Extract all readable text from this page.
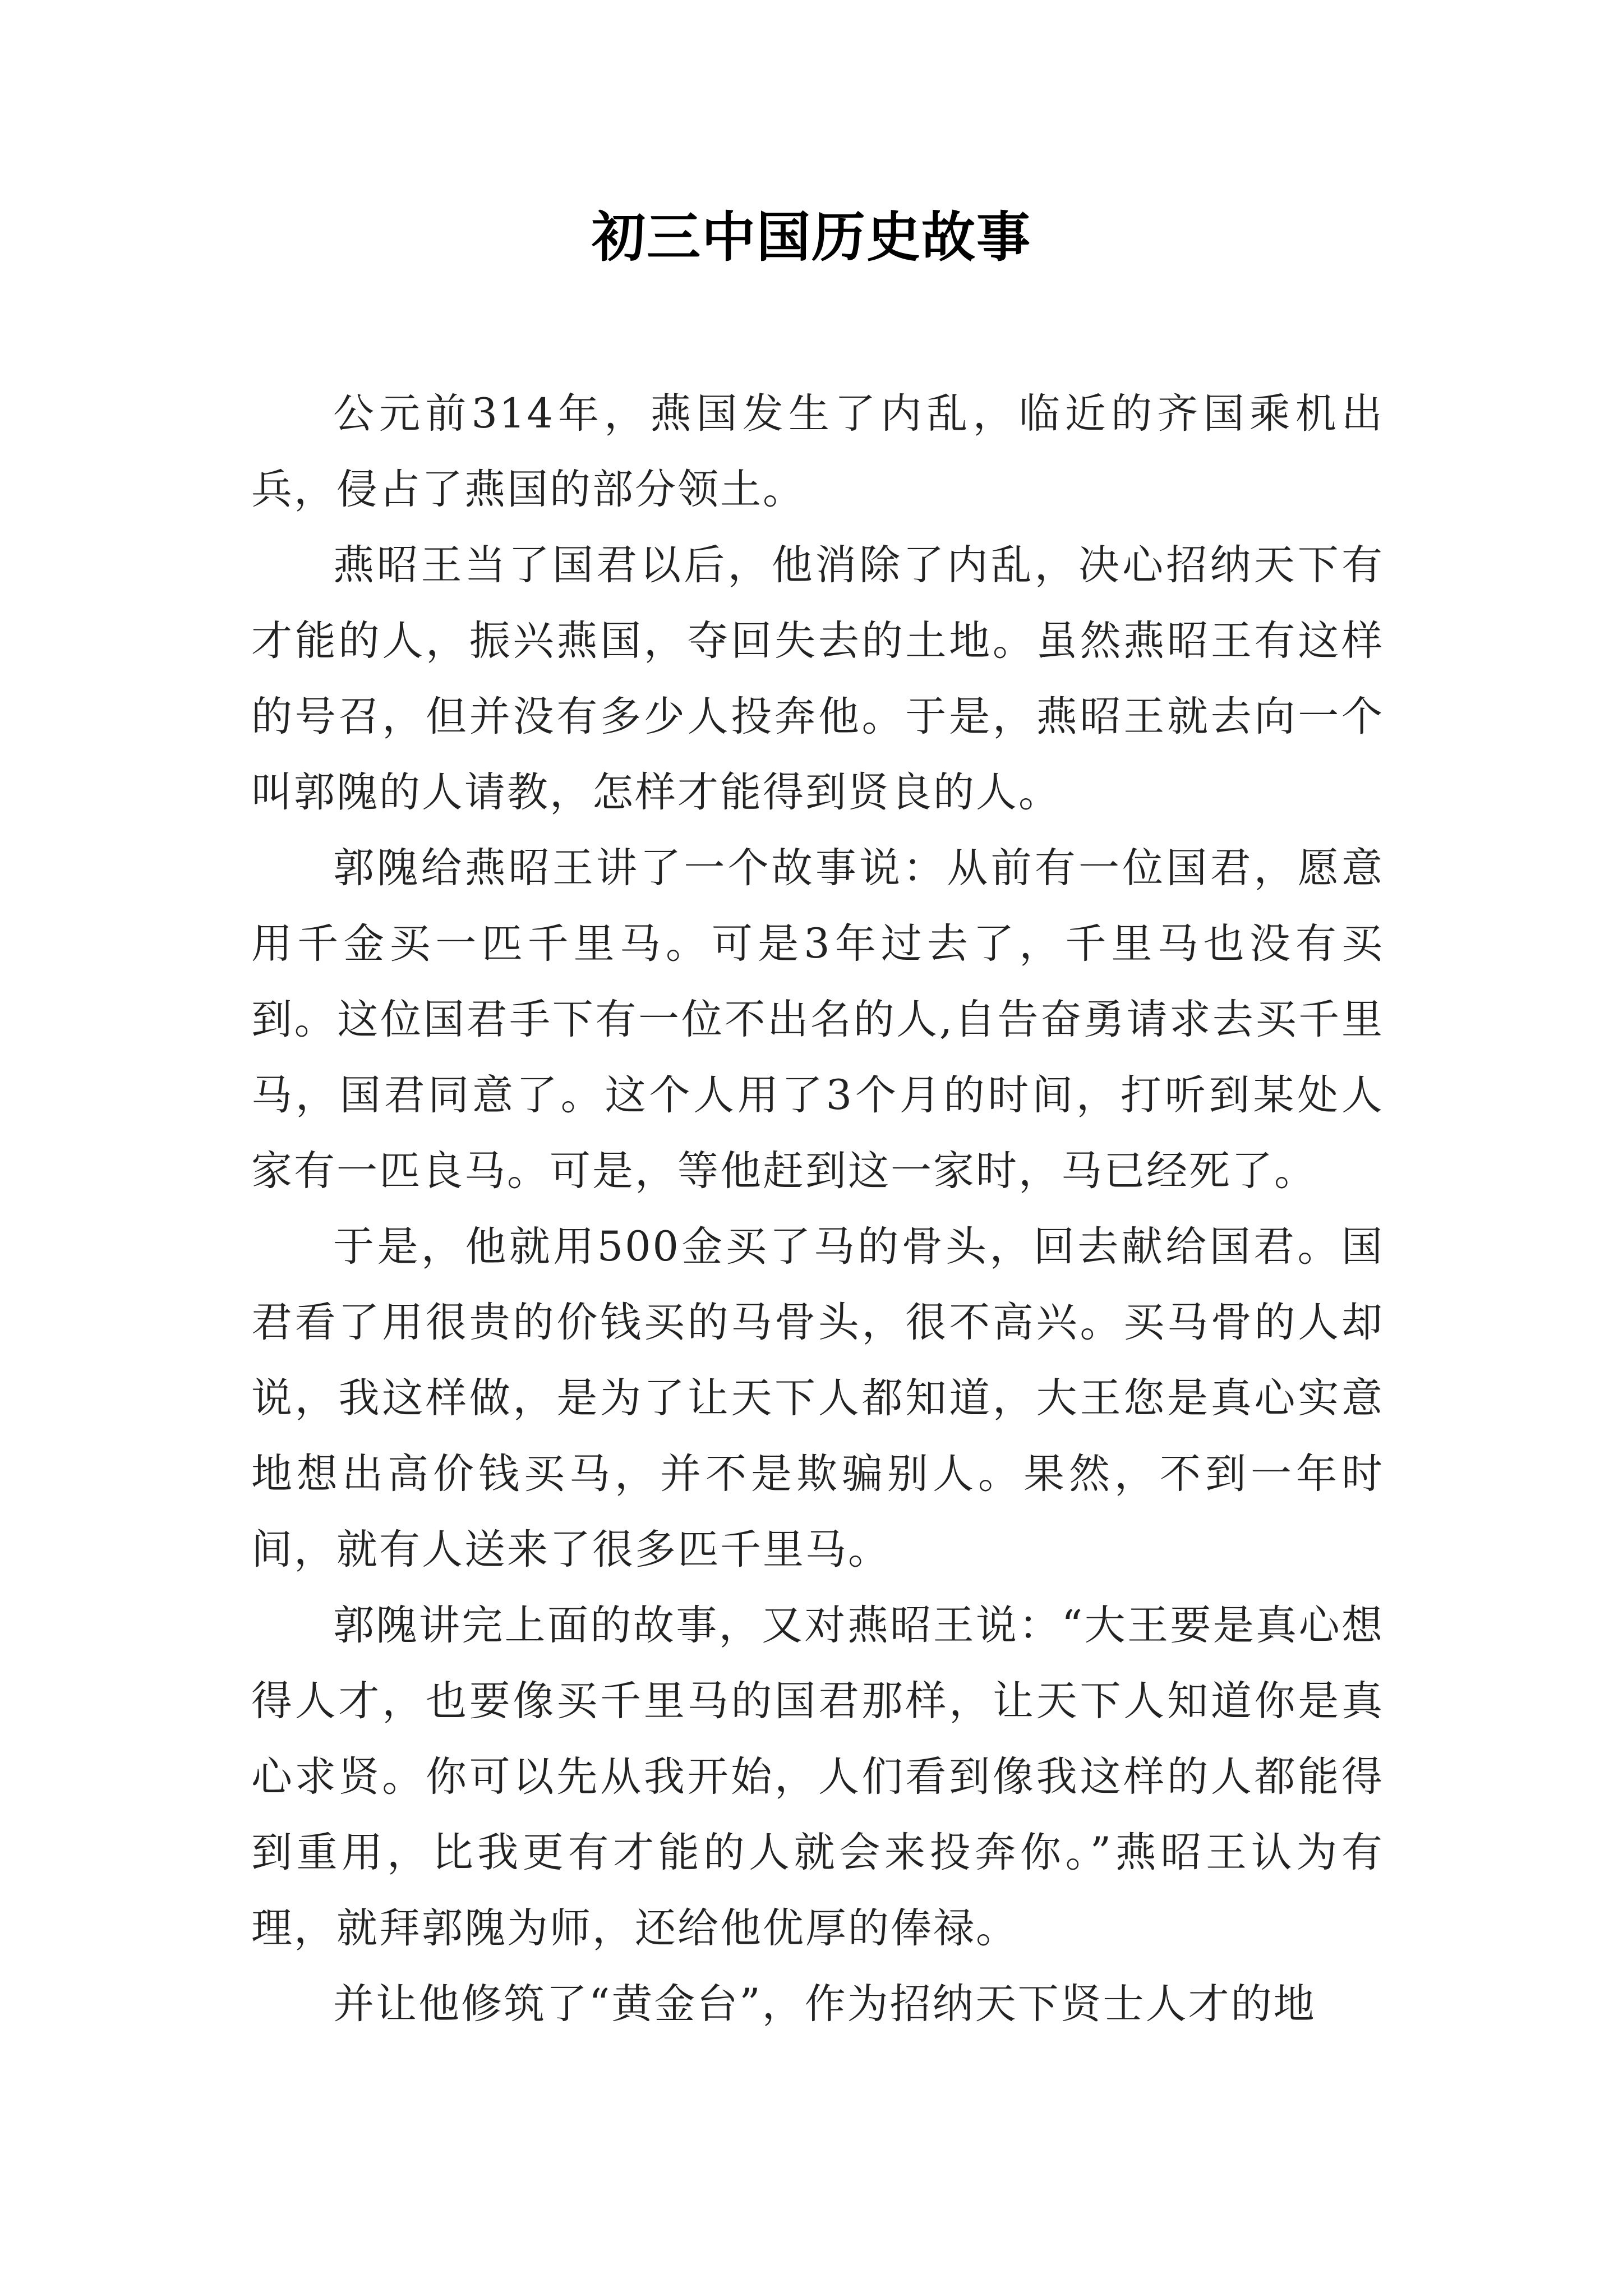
初三中国历史故事

公元前314年，燕国发生了内乱，临近的齐国乘机出兵，侵占了燕国的部分领土。

燕昭王当了国君以后，他消除了内乱，决心招纳天下有才能的人，振兴燕国，夺回失去的土地。虽然燕昭王有这样的号召，但并没有多少人投奔他。于是，燕昭王就去向一个叫郭隗的人请教，怎样才能得到贤良的人。

郭隗给燕昭王讲了一个故事说：从前有一位国君，愿意用千金买一匹千里马。可是3年过去了，千里马也没有买到。这位国君手下有一位不出名的人,自告奋勇请求去买千里马，国君同意了。这个人用了3个月的时间，打听到某处人家有一匹良马。可是，等他赶到这一家时，马已经死了。

于是，他就用500金买了马的骨头，回去献给国君。国君看了用很贵的价钱买的马骨头，很不高兴。买马骨的人却说，我这样做，是为了让天下人都知道，大王您是真心实意地想出高价钱买马，并不是欺骗别人。果然，不到一年时间，就有人送来了很多匹千里马。

郭隗讲完上面的故事，又对燕昭王说：“大王要是真心想得人才，也要像买千里马的国君那样，让天下人知道你是真心求贤。你可以先从我开始，人们看到像我这样的人都能得到重用，比我更有才能的人就会来投奔你。”燕昭王认为有理，就拜郭隗为师，还给他优厚的俸禄。

并让他修筑了“黄金台”，作为招纳天下贤士人才的地
